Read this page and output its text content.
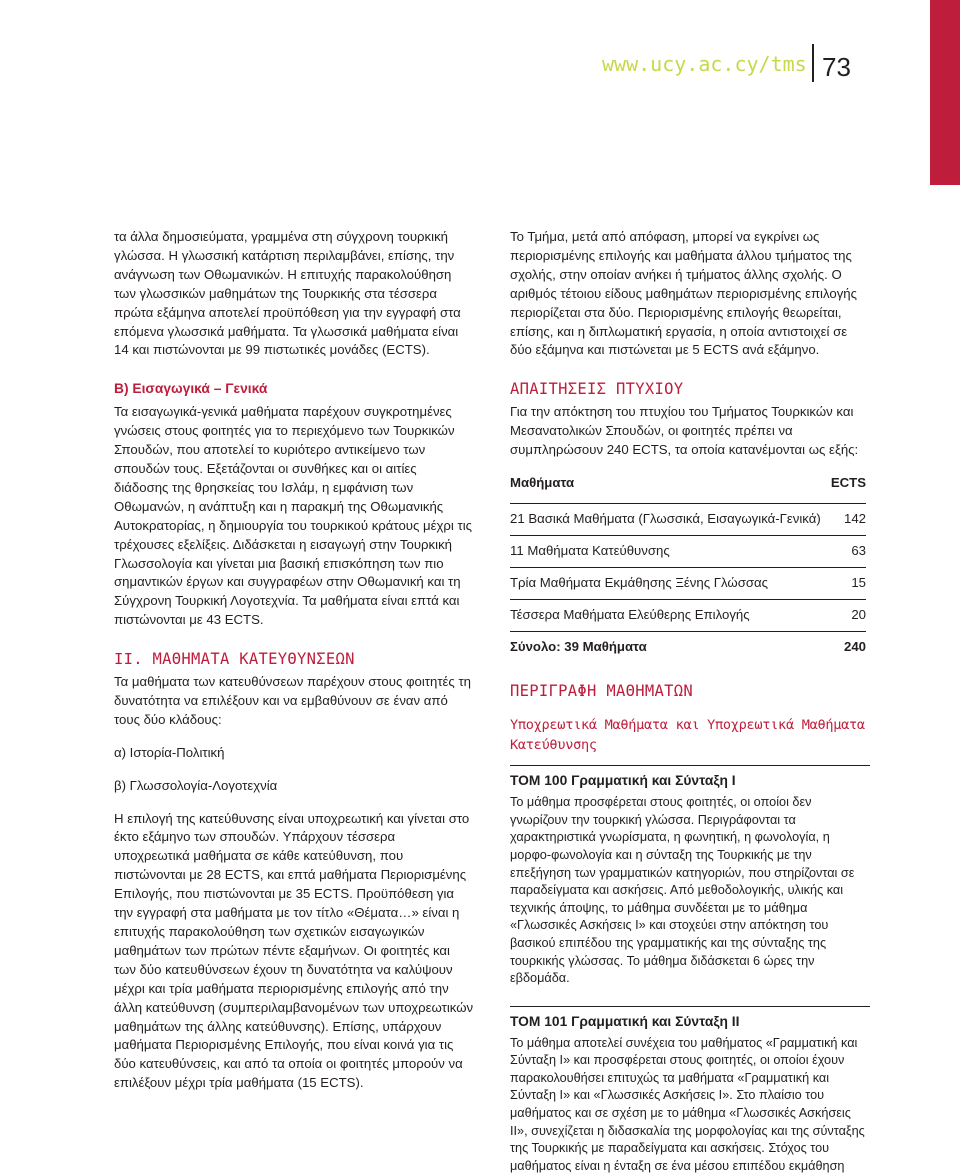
www.ucy.ac.cy/tms 73

τα άλλα δημοσιεύματα, γραμμένα στη σύγχρονη τουρκική γλώσσα. Η γλωσσική κατάρτιση περιλαμβάνει, επίσης, την ανάγνωση των Οθωμανικών. Η επιτυχής παρακολούθηση των γλωσσικών μαθημάτων της Τουρκικής στα τέσσερα πρώτα εξάμηνα αποτελεί προϋπόθεση για την εγγραφή στα επόμενα γλωσσικά μαθήματα. Τα γλωσσικά μαθήματα είναι 14 και πιστώνονται με 99 πιστωτικές μονάδες (ECTS).

Β) Εισαγωγικά – Γενικά

Τα εισαγωγικά-γενικά μαθήματα παρέχουν συγκροτημένες γνώσεις στους φοιτητές για το περιεχόμενο των Τουρκικών Σπουδών, που αποτελεί το κυριότερο αντικείμενο των σπουδών τους. Εξετάζονται οι συνθήκες και οι αιτίες διάδοσης της θρησκείας του Ισλάμ, η εμφάνιση των Οθωμανών, η ανάπτυξη και η παρακμή της Οθωμανικής Αυτοκρατορίας, η δημιουργία του τουρκικού κράτους μέχρι τις τρέχουσες εξελίξεις. Διδάσκεται η εισαγωγή στην Τουρκική Γλωσσολογία και γίνεται μια βασική επισκόπηση των πιο σημαντικών έργων και συγγραφέων στην Οθωμανική και τη Σύγχρονη Τουρκική Λογοτεχνία. Τα μαθήματα είναι επτά και πιστώνονται με 43 ECTS.

II. ΜΑΘΗΜΑΤΑ ΚΑΤΕΥΘΥΝΣΕΩΝ

Τα μαθήματα των κατευθύνσεων παρέχουν στους φοιτητές τη δυνατότητα να επιλέξουν και να εμβαθύνουν σε έναν από τους δύο κλάδους:

α) Ιστορία-Πολιτική

β) Γλωσσολογία-Λογοτεχνία

Η επιλογή της κατεύθυνσης είναι υποχρεωτική και γίνεται στο έκτο εξάμηνο των σπουδών. Υπάρχουν τέσσερα υποχρεωτικά μαθήματα σε κάθε κατεύθυνση, που πιστώνονται με 28 ECTS, και επτά μαθήματα Περιορισμένης Επιλογής, που πιστώνονται με 35 ECTS. Προϋπόθεση για την εγγραφή στα μαθήματα με τον τίτλο «Θέματα…» είναι η επιτυχής παρακολούθηση των σχετικών εισαγωγικών μαθημάτων των πρώτων πέντε εξαμήνων. Οι φοιτητές και των δύο κατευθύνσεων έχουν τη δυνατότητα να καλύψουν μέχρι και τρία μαθήματα περιορισμένης επιλογής από την άλλη κατεύθυνση (συμπεριλαμβανομένων των υποχρεωτικών μαθημάτων της άλλης κατεύθυνσης). Επίσης, υπάρχουν μαθήματα Περιορισμένης Επιλογής, που είναι κοινά για τις δύο κατευθύνσεις, και από τα οποία οι φοιτητές μπορούν να επιλέξουν μέχρι τρία μαθήματα (15 ECTS).

Το Τμήμα, μετά από απόφαση, μπορεί να εγκρίνει ως περιορισμένης επιλογής και μαθήματα άλλου τμήματος της σχολής, στην οποίαν ανήκει ή τμήματος άλλης σχολής. Ο αριθμός τέτοιου είδους μαθημάτων περιορισμένης επιλογής περιορίζεται στα δύο. Περιορισμένης επιλογής θεωρείται, επίσης, και η διπλωματική εργασία, η οποία αντιστοιχεί σε δύο εξάμηνα και πιστώνεται με 5 ECTS ανά εξάμηνο.

ΑΠΑΙΤΗΣΕΙΣ ΠΤΥΧΙΟΥ

Για την απόκτηση του πτυχίου του Τμήματος Τουρκικών και Μεσανατολικών Σπουδών, οι φοιτητές πρέπει να συμπληρώσουν 240 ECTS, τα οποία κατανέμονται ως εξής:

Μαθήματα	ECTS
21 Βασικά Μαθήματα (Γλωσσικά, Εισαγωγικά-Γενικά)	142
11 Μαθήματα Κατεύθυνσης	63
Τρία Μαθήματα Εκμάθησης Ξένης Γλώσσας	15
Τέσσερα Μαθήματα Ελεύθερης Επιλογής	20
Σύνολο: 39 Μαθήματα	240
ΠΕΡΙΓΡΑΦΗ ΜΑΘΗΜΑΤΩΝ
Υποχρεωτικά Μαθήματα και Υποχρεωτικά Μαθήματα Κατεύθυνσης
ΤΟΜ 100 Γραμματική και Σύνταξη Ι

Το μάθημα προσφέρεται στους φοιτητές, οι οποίοι δεν γνωρίζουν την τουρκική γλώσσα. Περιγράφονται τα χαρακτηριστικά γνωρίσματα, η φωνητική, η φωνολογία, η μορφο-φωνολογία και η σύνταξη της Τουρκικής με την επεξήγηση των γραμματικών κατηγοριών, που στηρίζονται σε παραδείγματα και ασκήσεις. Από μεθοδολογικής, υλικής και τεχνικής άποψης, το μάθημα συνδέεται με το μάθημα «Γλωσσικές Ασκήσεις Ι» και στοχεύει στην απόκτηση του βασικού επιπέδου της γραμματικής και της σύνταξης της τουρκικής γλώσσας. Το μάθημα διδάσκεται 6 ώρες την εβδομάδα.

ΤΟΜ 101 Γραμματική και Σύνταξη ΙΙ

Το μάθημα αποτελεί συνέχεια του μαθήματος «Γραμματική και Σύνταξη Ι» και προσφέρεται στους φοιτητές, οι οποίοι έχουν παρακολουθήσει επιτυχώς τα μαθήματα «Γραμματική και Σύνταξη Ι» και «Γλωσσικές Ασκήσεις Ι». Στο πλαίσιο του μαθήματος και σε σχέση με το μάθημα «Γλωσσικές Ασκήσεις ΙΙ», συνεχίζεται η διδασκαλία της μορφολογίας και της σύνταξης της Τουρκικής με παραδείγματα και ασκήσεις. Στόχος του μαθήματος είναι η ένταξη σε ένα μέσου επιπέδου εκμάθηση
